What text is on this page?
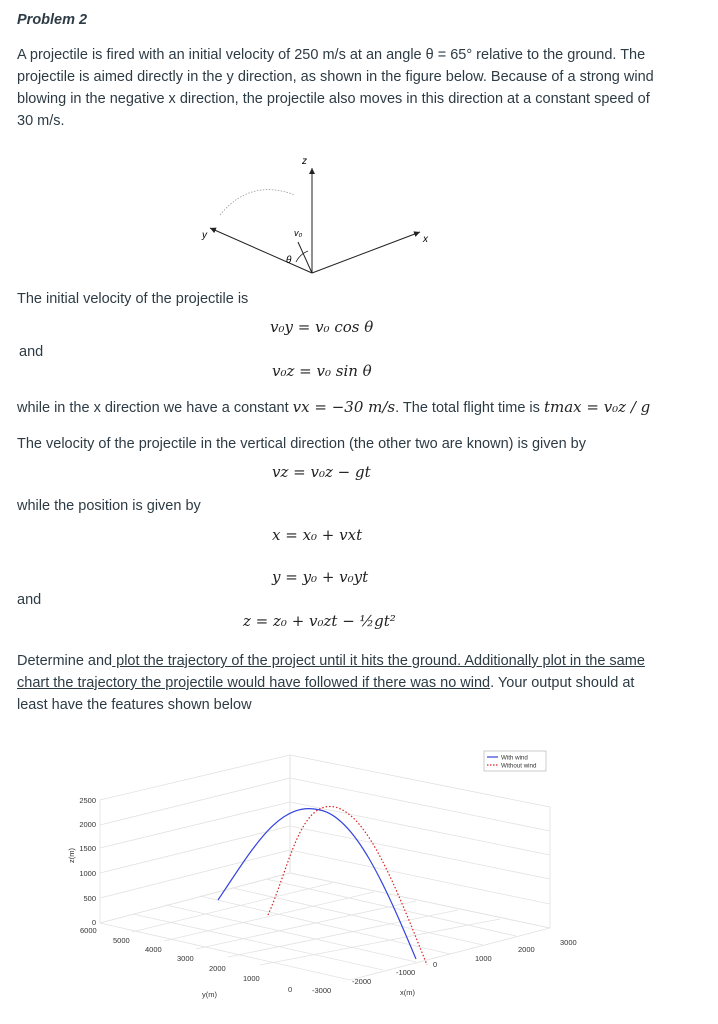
Problem 2
A projectile is fired with an initial velocity of 250 m/s at an angle θ = 65° relative to the ground. The projectile is aimed directly in the y direction, as shown in the figure below. Because of a strong wind blowing in the negative x direction, the projectile also moves in this direction at a constant speed of 30 m/s.
z
y	x
v₀
θ
The initial velocity of the projectile is
v₀y = v₀ cos θ
and
v₀z = v₀ sin θ
while in the x direction we have a constant vx = −30 m/s. The total flight time is tmax = v₀z / g
The velocity of the projectile in the vertical direction (the other two are known) is given by
vz = v₀z − gt
while the position is given by
x = x₀ + vxt
y = y₀ + v₀yt
and
z = z₀ + v₀zt − ½gt²
Determine and plot the trajectory of the project until it hits the ground. Additionally plot in the same chart the trajectory the projectile would have followed if there was no wind. Your output should at least have the features shown below
2500
2000
1500
1000
500
0
z(m)
6000
5000
4000
3000
2000
1000
0
y(m)	-3000
-2000
-1000
0
1000
2000
3000
x(m)
With wind
Without wind
